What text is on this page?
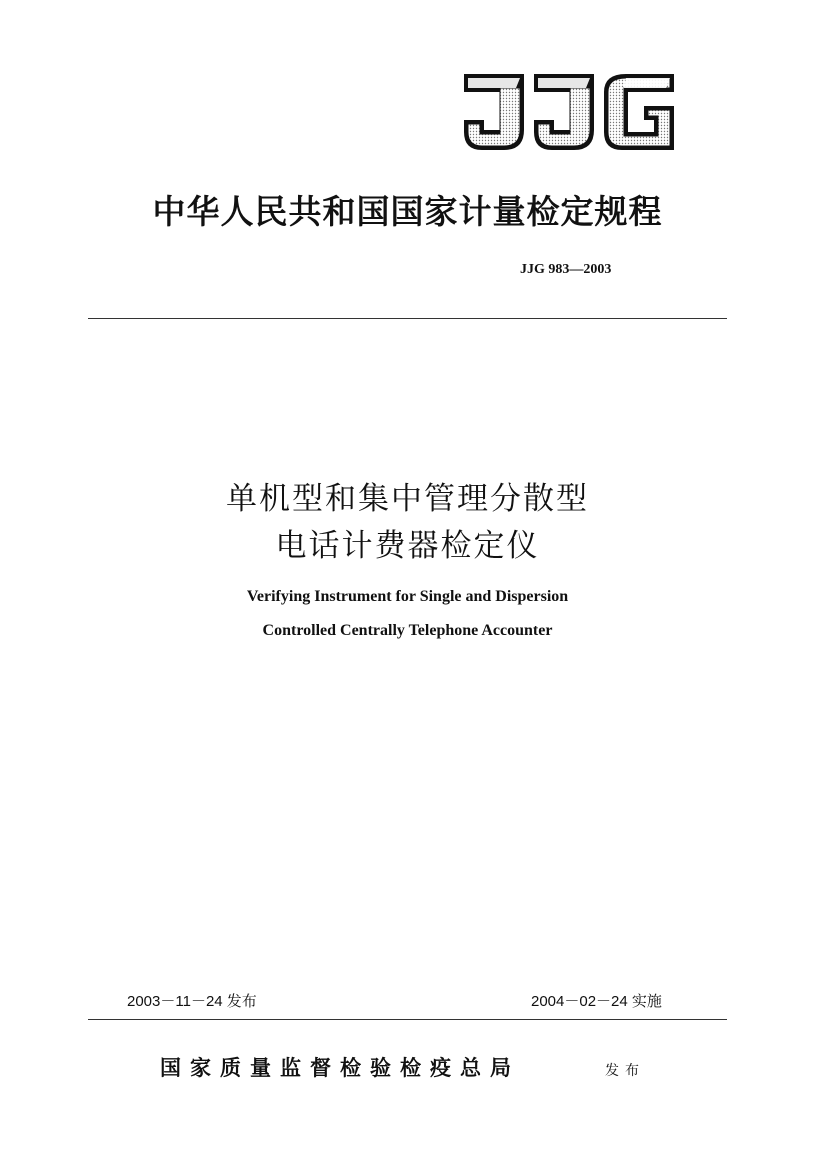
中华人民共和国国家计量检定规程
JJG 983—2003
单机型和集中管理分散型
电话计费器检定仪
Verifying Instrument for Single and Dispersion
Controlled Centrally Telephone Accounter
2003－11－24 发布	2004－02－24 实施
国家质量监督检验检疫总局	发布
